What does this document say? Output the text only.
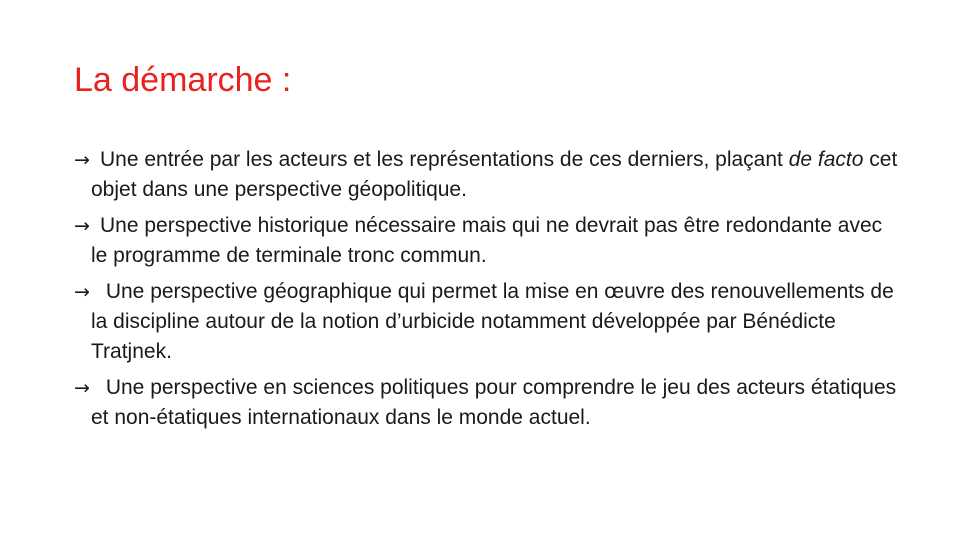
La démarche :

→ Une entrée par les acteurs et les représentations de ces derniers, plaçant de facto cet objet dans une perspective géopolitique.

→ Une perspective historique nécessaire mais qui ne devrait pas être redondante avec le programme de terminale tronc commun.

→ Une perspective géographique qui permet la mise en œuvre des renouvellements de la discipline autour de la notion d’urbicide notamment développée par Bénédicte Tratjnek.

→ Une perspective en sciences politiques pour comprendre le jeu des acteurs étatiques et non-étatiques internationaux dans le monde actuel.
